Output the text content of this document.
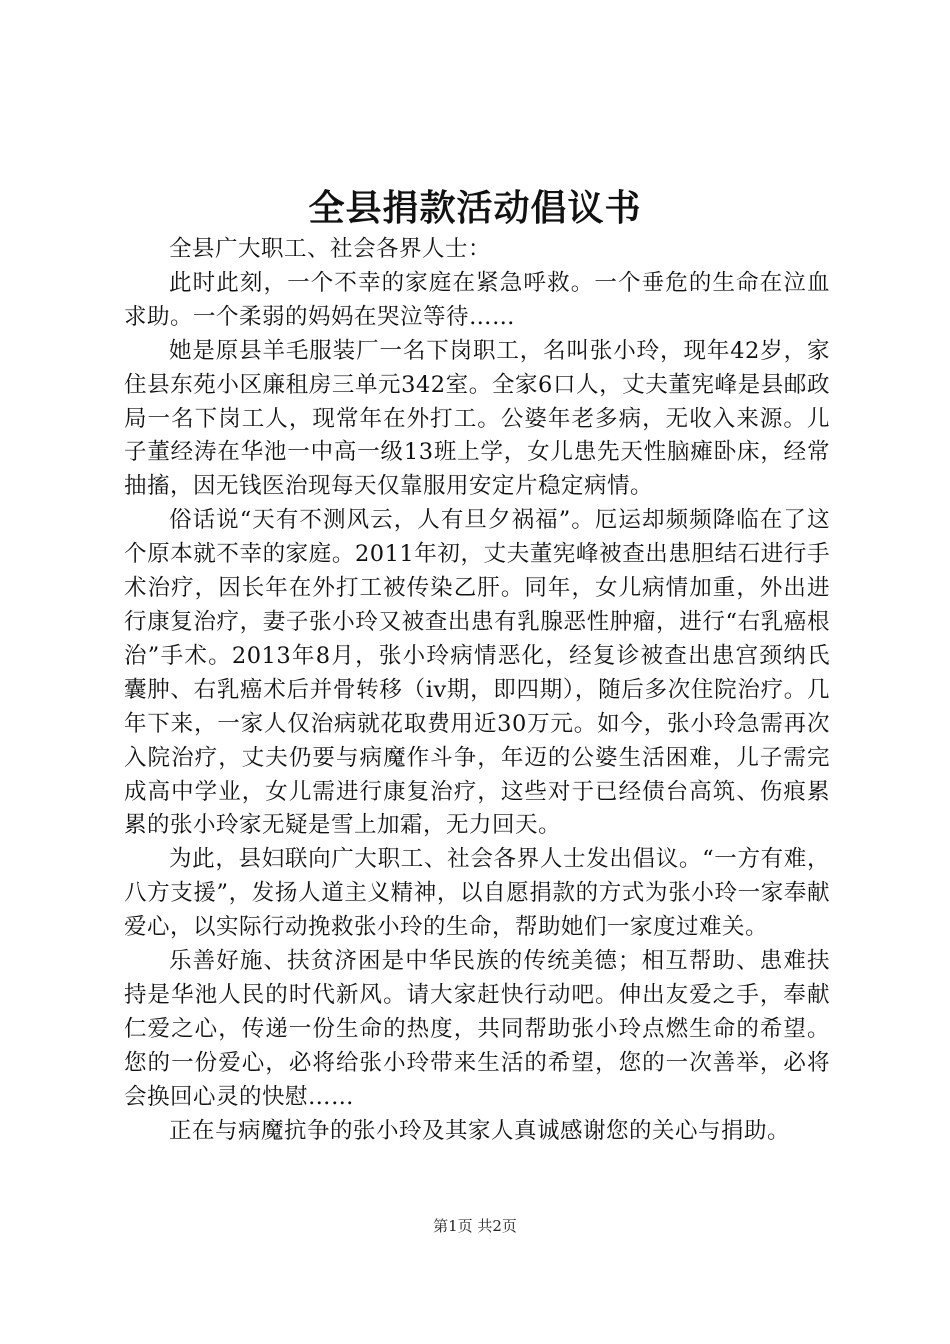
全县捐款活动倡议书

全县广大职工、社会各界人士：

此时此刻，一个不幸的家庭在紧急呼救。一个垂危的生命在泣血求助。一个柔弱的妈妈在哭泣等待……

她是原县羊毛服装厂一名下岗职工，名叫张小玲，现年42岁，家住县东苑小区廉租房三单元342室。全家6口人，丈夫董宪峰是县邮政局一名下岗工人，现常年在外打工。公婆年老多病，无收入来源。儿子董经涛在华池一中高一级13班上学，女儿患先天性脑瘫卧床，经常抽搐，因无钱医治现每天仅靠服用安定片稳定病情。

俗话说“天有不测风云，人有旦夕祸福”。厄运却频频降临在了这个原本就不幸的家庭。2011年初，丈夫董宪峰被查出患胆结石进行手术治疗，因长年在外打工被传染乙肝。同年，女儿病情加重，外出进行康复治疗，妻子张小玲又被查出患有乳腺恶性肿瘤，进行“右乳癌根治”手术。2013年8月，张小玲病情恶化，经复诊被查出患宫颈纳氏囊肿、右乳癌术后并骨转移（iv期，即四期），随后多次住院治疗。几年下来，一家人仅治病就花取费用近30万元。如今，张小玲急需再次入院治疗，丈夫仍要与病魔作斗争，年迈的公婆生活困难，儿子需完成高中学业，女儿需进行康复治疗，这些对于已经债台高筑、伤痕累累的张小玲家无疑是雪上加霜，无力回天。

为此，县妇联向广大职工、社会各界人士发出倡议。“一方有难，八方支援”，发扬人道主义精神，以自愿捐款的方式为张小玲一家奉献爱心，以实际行动挽救张小玲的生命，帮助她们一家度过难关。

乐善好施、扶贫济困是中华民族的传统美德；相互帮助、患难扶持是华池人民的时代新风。请大家赶快行动吧。伸出友爱之手，奉献仁爱之心，传递一份生命的热度，共同帮助张小玲点燃生命的希望。您的一份爱心，必将给张小玲带来生活的希望，您的一次善举，必将会换回心灵的快慰……

正在与病魔抗争的张小玲及其家人真诚感谢您的关心与捐助。

第1页 共2页
